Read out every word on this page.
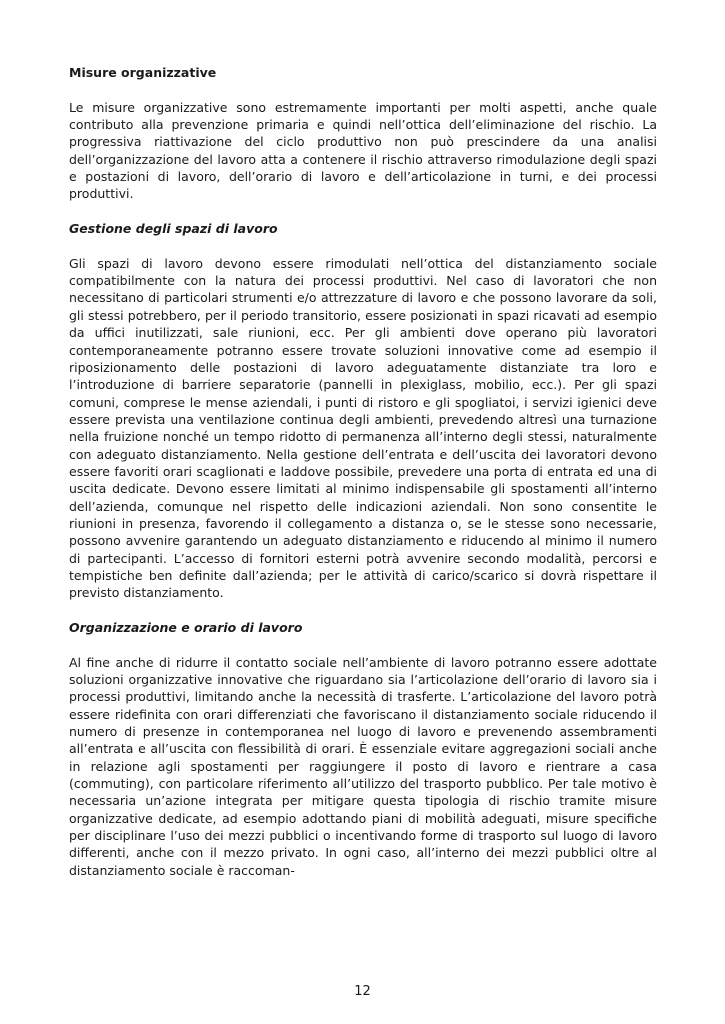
Misure organizzative

Le misure organizzative sono estremamente importanti per molti aspetti, anche quale contributo alla prevenzione primaria e quindi nell’ottica dell’eliminazione del rischio. La progressiva riattivazione del ciclo produttivo non può prescindere da una analisi dell’organizzazione del lavoro atta a contenere il rischio attraverso rimodulazione degli spazi e postazioni di lavoro, dell’orario di lavoro e dell’articolazione in turni, e dei processi produttivi.

Gestione degli spazi di lavoro

Gli spazi di lavoro devono essere rimodulati nell’ottica del distanziamento sociale compatibilmente con la natura dei processi produttivi. Nel caso di lavoratori che non necessitano di particolari strumenti e/o attrezzature di lavoro e che possono lavorare da soli, gli stessi potrebbero, per il periodo transitorio, essere posizionati in spazi ricavati ad esempio da uffici inutilizzati, sale riunioni, ecc. Per gli ambienti dove operano più lavoratori contemporaneamente potranno essere trovate soluzioni innovative come ad esempio il riposizionamento delle postazioni di lavoro adeguatamente distanziate tra loro e l’introduzione di barriere separatorie (pannelli in plexiglass, mobilio, ecc.). Per gli spazi comuni, comprese le mense aziendali, i punti di ristoro e gli spogliatoi, i servizi igienici deve essere prevista una ventilazione continua degli ambienti, prevedendo altresì una turnazione nella fruizione nonché un tempo ridotto di permanenza all’interno degli stessi, naturalmente con adeguato distanziamento. Nella gestione dell’entrata e dell’uscita dei lavoratori devono essere favoriti orari scaglionati e laddove possibile, prevedere una porta di entrata ed una di uscita dedicate. Devono essere limitati al minimo indispensabile gli spostamenti all’interno dell’azienda, comunque nel rispetto delle indicazioni aziendali. Non sono consentite le riunioni in presenza, favorendo il collegamento a distanza o, se le stesse sono necessarie, possono avvenire garantendo un adeguato distanziamento e riducendo al minimo il numero di partecipanti. L’accesso di fornitori esterni potrà avvenire secondo modalità, percorsi e tempistiche ben definite dall’azienda; per le attività di carico/scarico si dovrà rispettare il previsto distanziamento.

Organizzazione e orario di lavoro

Al fine anche di ridurre il contatto sociale nell’ambiente di lavoro potranno essere adottate soluzioni organizzative innovative che riguardano sia l’articolazione dell’orario di lavoro sia i processi produttivi, limitando anche la necessità di trasferte. L’articolazione del lavoro potrà essere ridefinita con orari differenziati che favoriscano il distanziamento sociale riducendo il numero di presenze in contemporanea nel luogo di lavoro e prevenendo assembramenti all’entrata e all’uscita con flessibilità di orari. È essenziale evitare aggregazioni sociali anche in relazione agli spostamenti per raggiungere il posto di lavoro e rientrare a casa (commuting), con particolare riferimento all’utilizzo del trasporto pubblico. Per tale motivo è necessaria un’azione integrata per mitigare questa tipologia di rischio tramite misure organizzative dedicate, ad esempio adottando piani di mobilità adeguati, misure specifiche per disciplinare l’uso dei mezzi pubblici o incentivando forme di trasporto sul luogo di lavoro differenti, anche con il mezzo privato. In ogni caso, all’interno dei mezzi pubblici oltre al distanziamento sociale è raccoman-

12
